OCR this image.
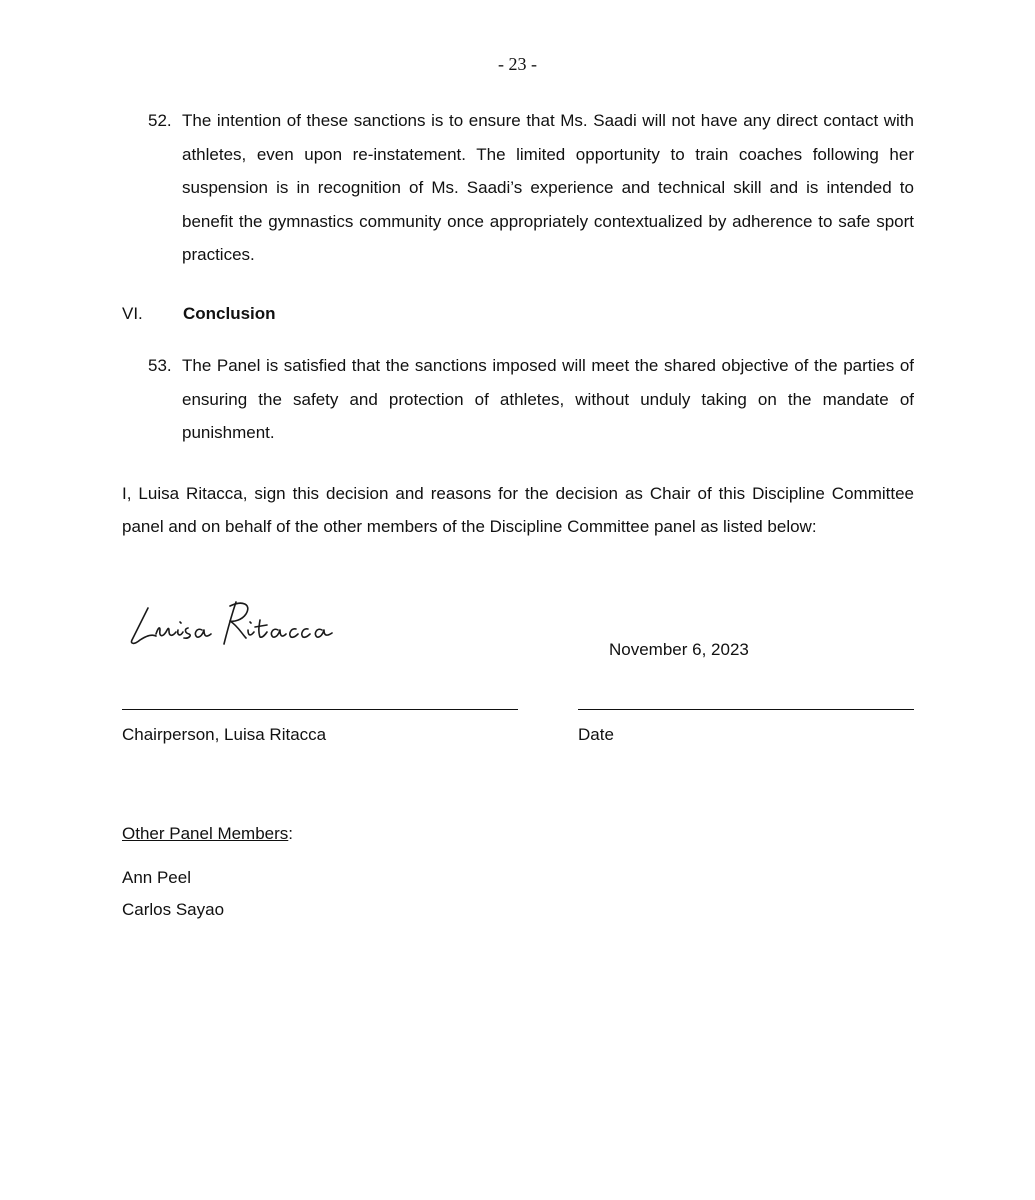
- 23 -
52. The intention of these sanctions is to ensure that Ms. Saadi will not have any direct contact with athletes, even upon re-instatement. The limited opportunity to train coaches following her suspension is in recognition of Ms. Saadi’s experience and technical skill and is intended to benefit the gymnastics community once appropriately contextualized by adherence to safe sport practices.
VI. Conclusion
53. The Panel is satisfied that the sanctions imposed will meet the shared objective of the parties of ensuring the safety and protection of athletes, without unduly taking on the mandate of punishment.
I, Luisa Ritacca, sign this decision and reasons for the decision as Chair of this Discipline Committee panel and on behalf of the other members of the Discipline Committee panel as listed below:
November 6, 2023
Chairperson, Luisa Ritacca	Date
Other Panel Members:
Ann Peel
Carlos Sayao
